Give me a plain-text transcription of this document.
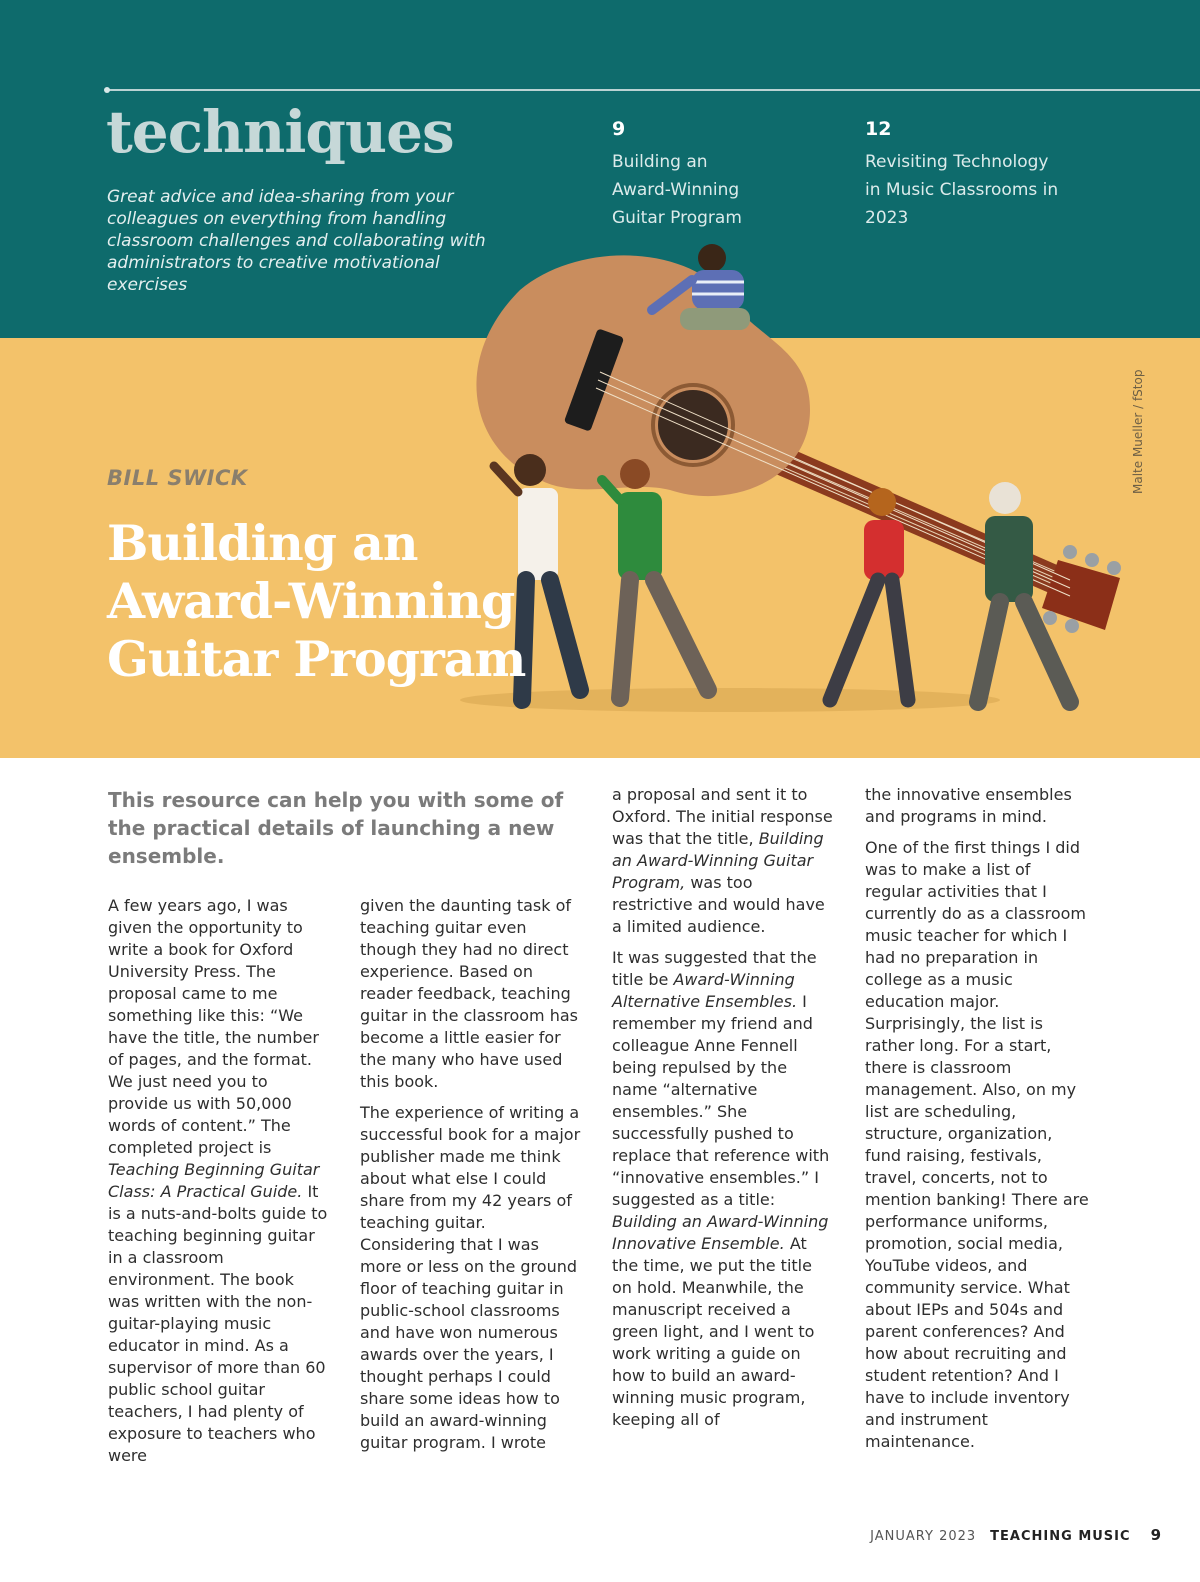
techniques
Great advice and idea-sharing from your colleagues on everything from handling classroom challenges and collaborating with administrators to creative motivational exercises
9
Building an Award-Winning Guitar Program
12
Revisiting Technology in Music Classrooms in 2023
Malte Mueller / fStop
BILL SWICK
Building an Award-Winning Guitar Program
This resource can help you with some of the practical details of launching a new ensemble.

A few years ago, I was given the opportunity to write a book for Oxford University Press. The proposal came to me something like this: “We have the title, the number of pages, and the format. We just need you to provide us with 50,000 words of content.” The completed project is Teaching Beginning Guitar Class: A Practical Guide. It is a nuts-and-bolts guide to teaching beginning guitar in a classroom environment. The book was written with the non-guitar-playing music educator in mind. As a supervisor of more than 60 public school guitar teachers, I had plenty of exposure to teachers who were

given the daunting task of teaching guitar even though they had no direct experience. Based on reader feedback, teaching guitar in the classroom has become a little easier for the many who have used this book.

The experience of writing a successful book for a major publisher made me think about what else I could share from my 42 years of teaching guitar. Considering that I was more or less on the ground floor of teaching guitar in public-school classrooms and have won numerous awards over the years, I thought perhaps I could share some ideas how to build an award-winning guitar program. I wrote

a proposal and sent it to Oxford. The initial response was that the title, Building an Award-Winning Guitar Program, was too restrictive and would have a limited audience.

It was suggested that the title be Award-Winning Alternative Ensembles. I remember my friend and colleague Anne Fennell being repulsed by the name “alternative ensembles.” She successfully pushed to replace that reference with “innovative ensembles.” I suggested as a title: Building an Award-Winning Innovative Ensemble. At the time, we put the title on hold. Meanwhile, the manuscript received a green light, and I went to work writing a guide on how to build an award-winning music program, keeping all of

the innovative ensembles and programs in mind.

One of the first things I did was to make a list of regular activities that I currently do as a classroom music teacher for which I had no preparation in college as a music education major. Surprisingly, the list is rather long. For a start, there is classroom management. Also, on my list are scheduling, structure, organization, fund raising, festivals, travel, concerts, not to mention banking! There are performance uniforms, promotion, social media, YouTube videos, and community service. What about IEPs and 504s and parent conferences? And how about recruiting and student retention? And I have to include inventory and instrument maintenance.

JANUARY 2023 TEACHING MUSIC 9
